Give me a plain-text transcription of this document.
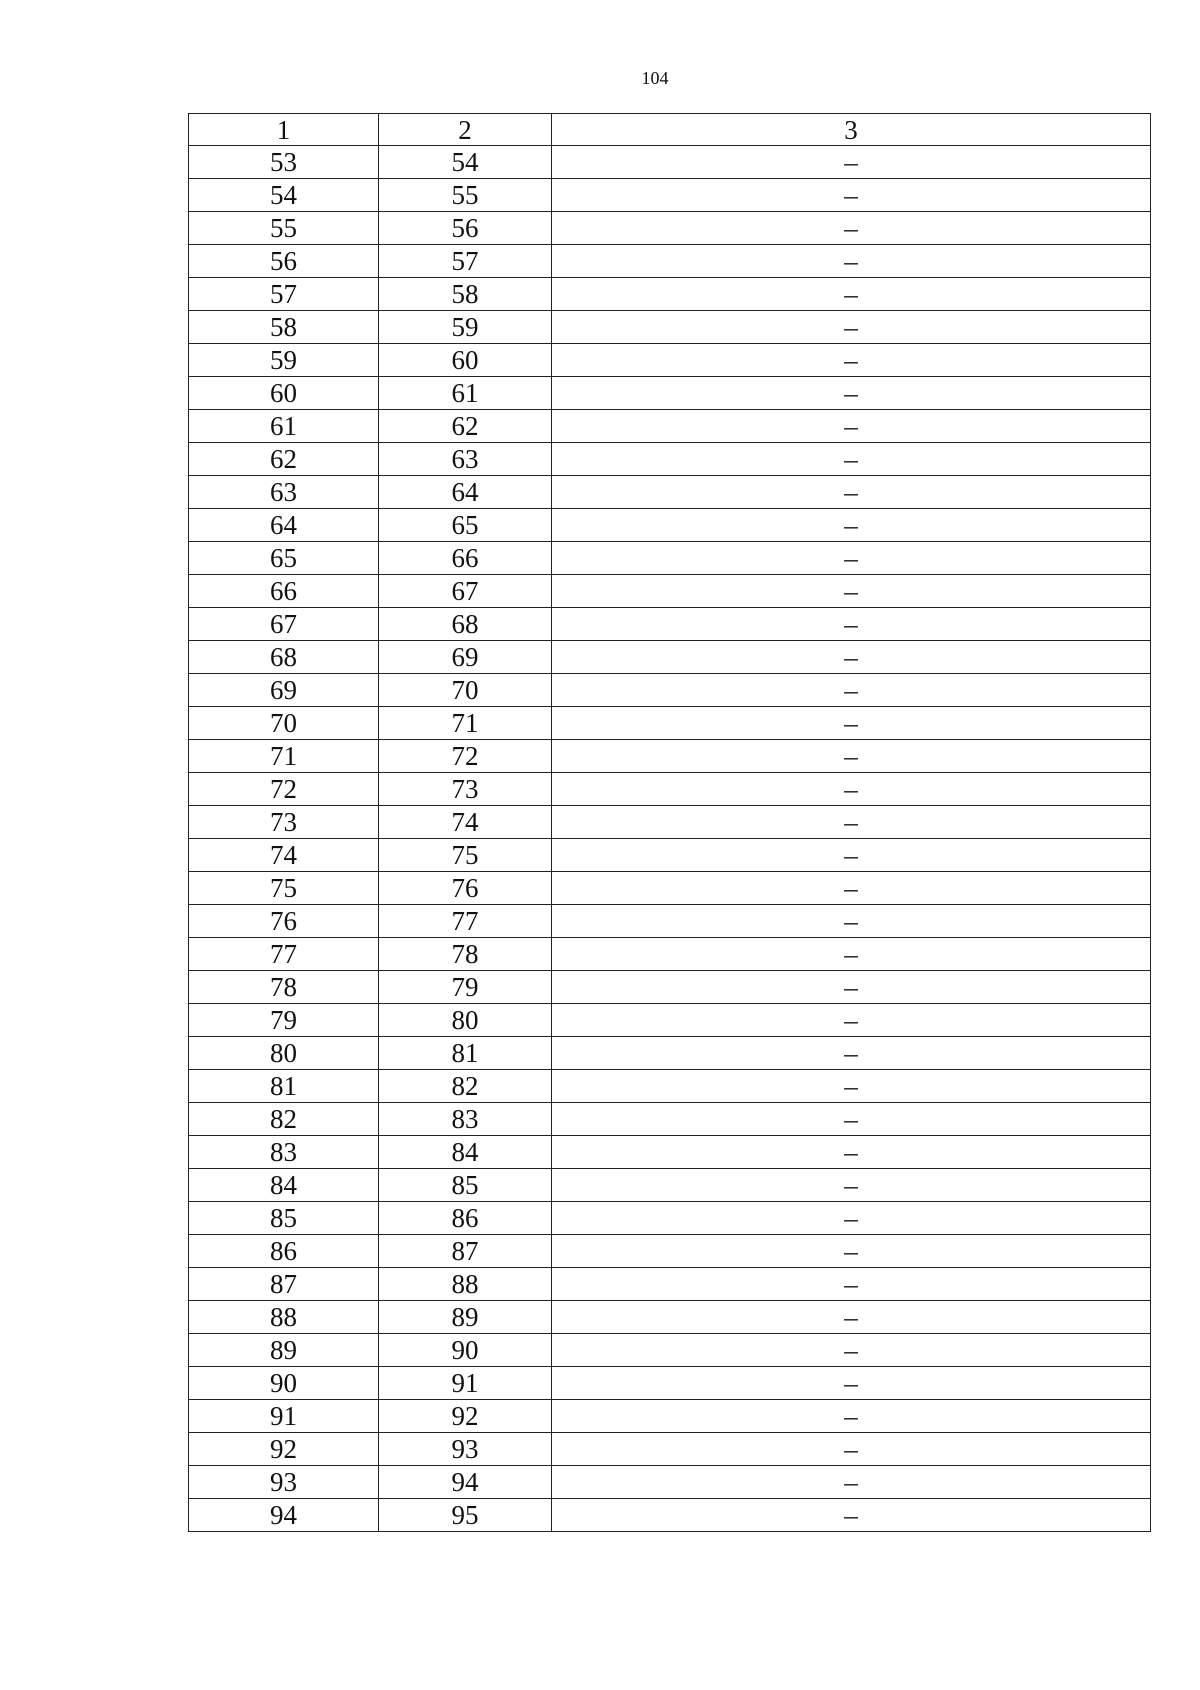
104
1	2	3
53	54	–
54	55	–
55	56	–
56	57	–
57	58	–
58	59	–
59	60	–
60	61	–
61	62	–
62	63	–
63	64	–
64	65	–
65	66	–
66	67	–
67	68	–
68	69	–
69	70	–
70	71	–
71	72	–
72	73	–
73	74	–
74	75	–
75	76	–
76	77	–
77	78	–
78	79	–
79	80	–
80	81	–
81	82	–
82	83	–
83	84	–
84	85	–
85	86	–
86	87	–
87	88	–
88	89	–
89	90	–
90	91	–
91	92	–
92	93	–
93	94	–
94	95	–
